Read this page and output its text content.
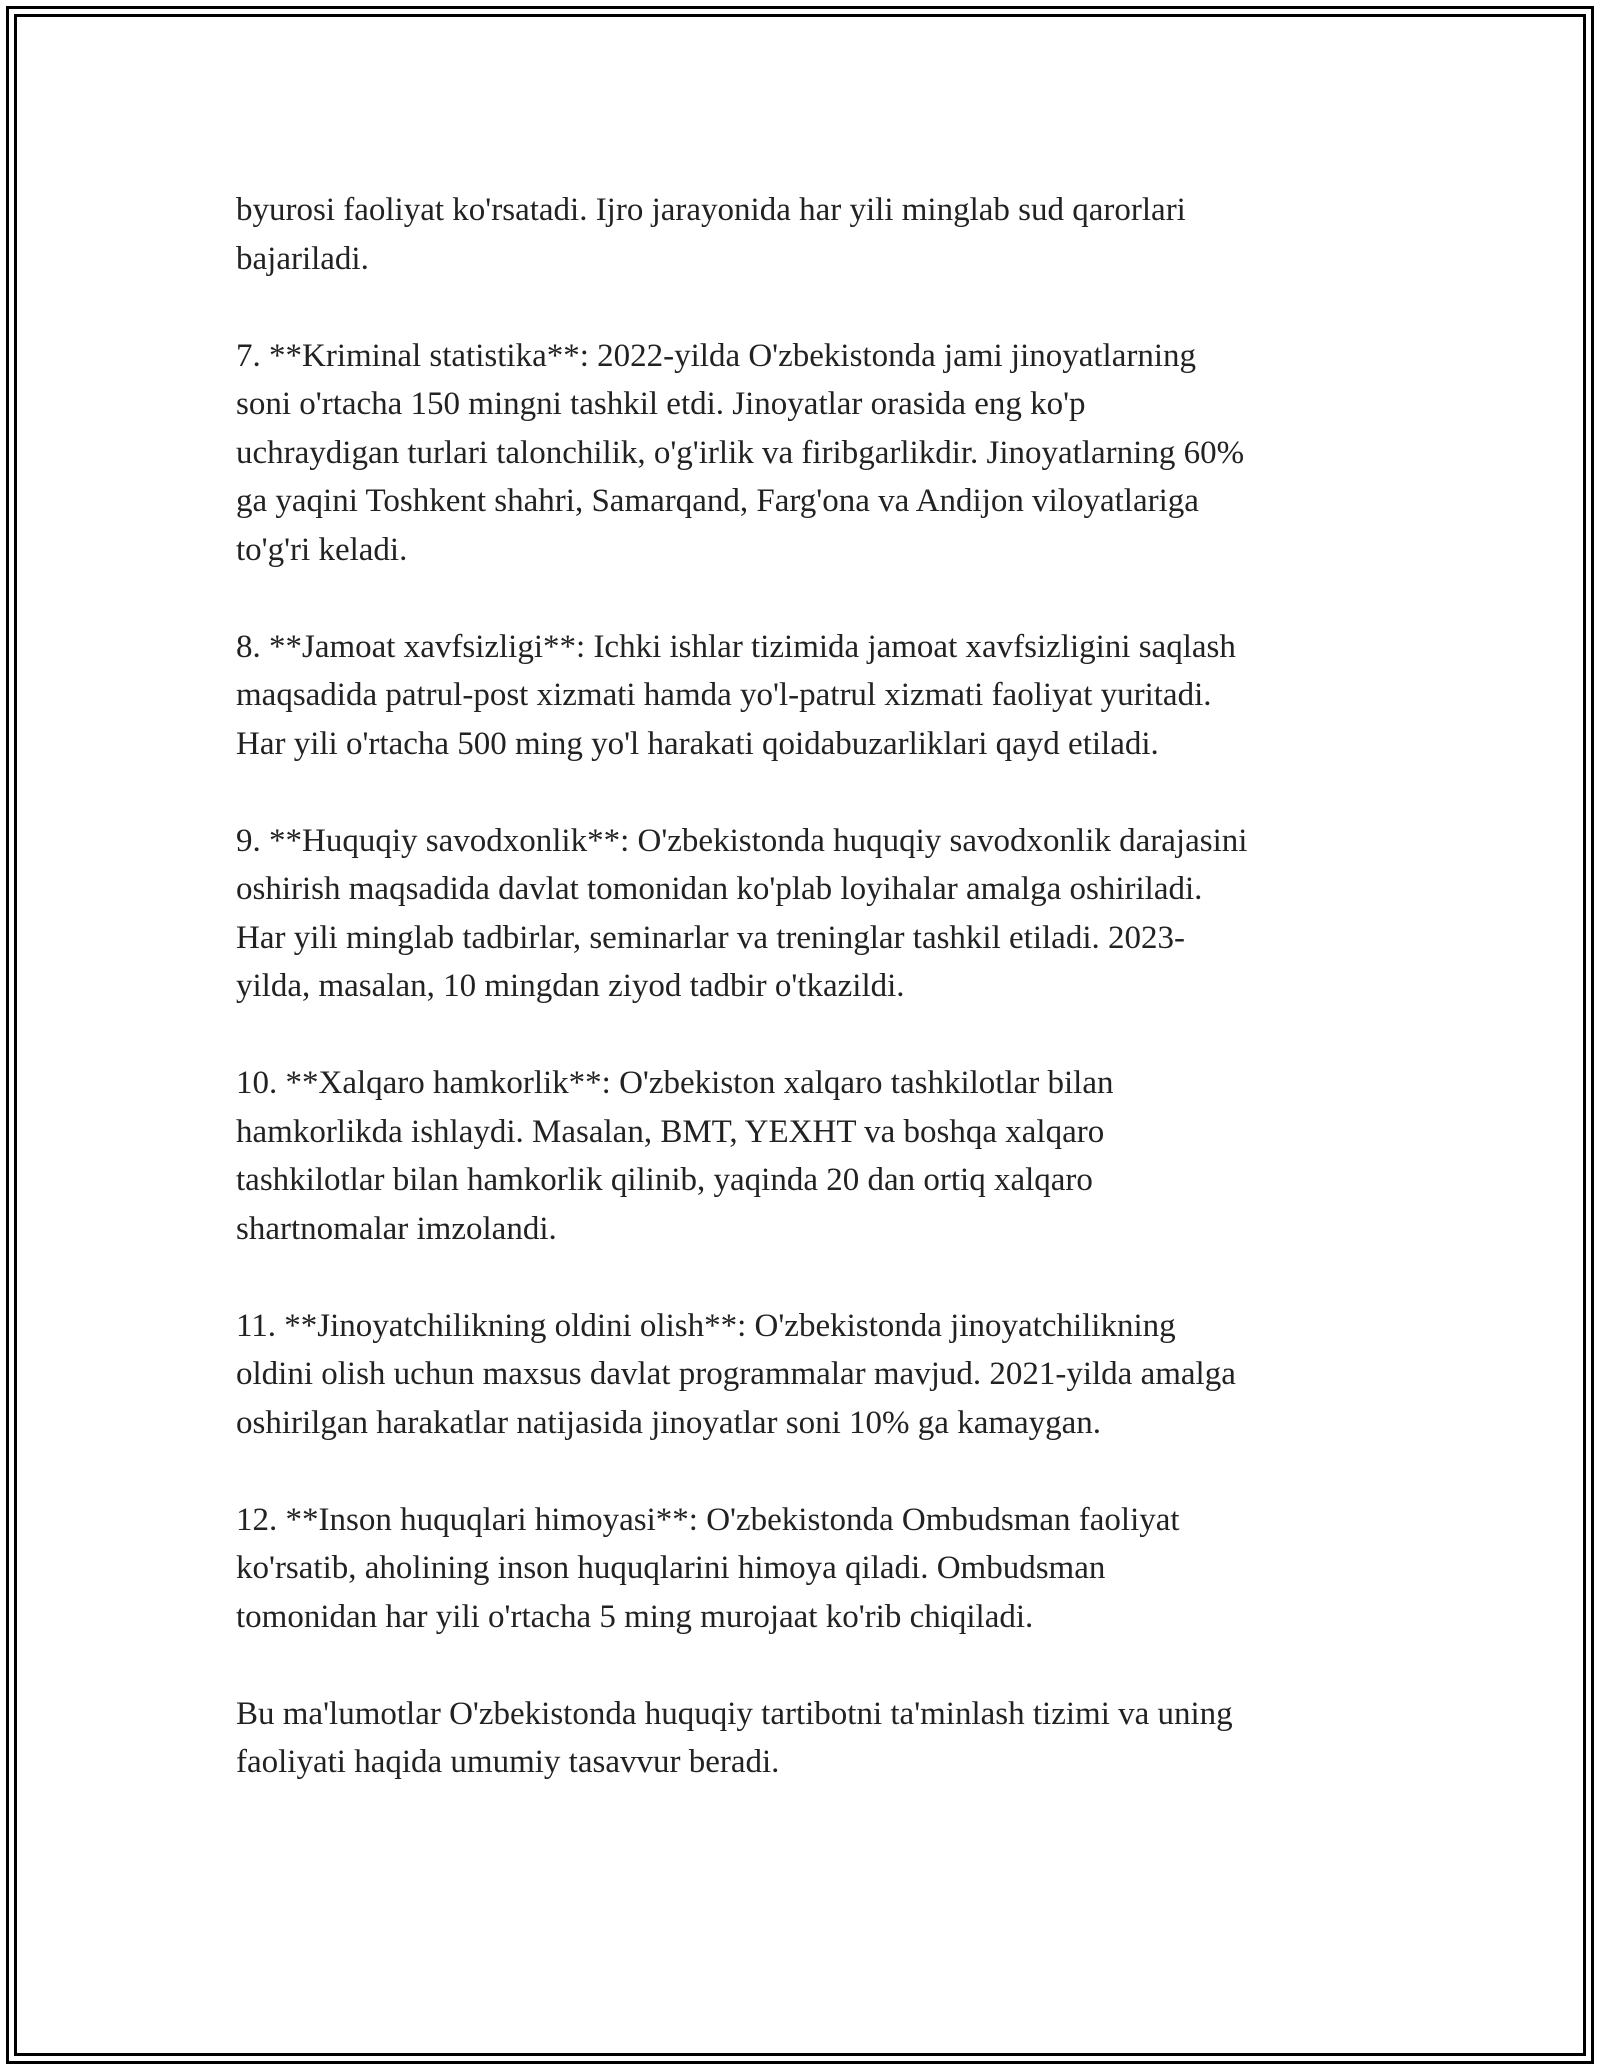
byurosi faoliyat ko'rsatadi. Ijro jarayonida har yili minglab sud qarorlari
bajariladi.

7. **Kriminal statistika**: 2022-yilda O'zbekistonda jami jinoyatlarning
soni o'rtacha 150 mingni tashkil etdi. Jinoyatlar orasida eng ko'p
uchraydigan turlari talonchilik, o'g'irlik va firibgarlikdir. Jinoyatlarning 60%
ga yaqini Toshkent shahri, Samarqand, Farg'ona va Andijon viloyatlariga
to'g'ri keladi.

8. **Jamoat xavfsizligi**: Ichki ishlar tizimida jamoat xavfsizligini saqlash
maqsadida patrul-post xizmati hamda yo'l-patrul xizmati faoliyat yuritadi.
Har yili o'rtacha 500 ming yo'l harakati qoidabuzarliklari qayd etiladi.

9. **Huquqiy savodxonlik**: O'zbekistonda huquqiy savodxonlik darajasini
oshirish maqsadida davlat tomonidan ko'plab loyihalar amalga oshiriladi.
Har yili minglab tadbirlar, seminarlar va treninglar tashkil etiladi. 2023-
yilda, masalan, 10 mingdan ziyod tadbir o'tkazildi.

10. **Xalqaro hamkorlik**: O'zbekiston xalqaro tashkilotlar bilan
hamkorlikda ishlaydi. Masalan, BMT, YEXHT va boshqa xalqaro
tashkilotlar bilan hamkorlik qilinib, yaqinda 20 dan ortiq xalqaro
shartnomalar imzolandi.

11. **Jinoyatchilikning oldini olish**: O'zbekistonda jinoyatchilikning
oldini olish uchun maxsus davlat programmalar mavjud. 2021-yilda amalga
oshirilgan harakatlar natijasida jinoyatlar soni 10% ga kamaygan.

12. **Inson huquqlari himoyasi**: O'zbekistonda Ombudsman faoliyat
ko'rsatib, aholining inson huquqlarini himoya qiladi. Ombudsman
tomonidan har yili o'rtacha 5 ming murojaat ko'rib chiqiladi.

Bu ma'lumotlar O'zbekistonda huquqiy tartibotni ta'minlash tizimi va uning
faoliyati haqida umumiy tasavvur beradi.
